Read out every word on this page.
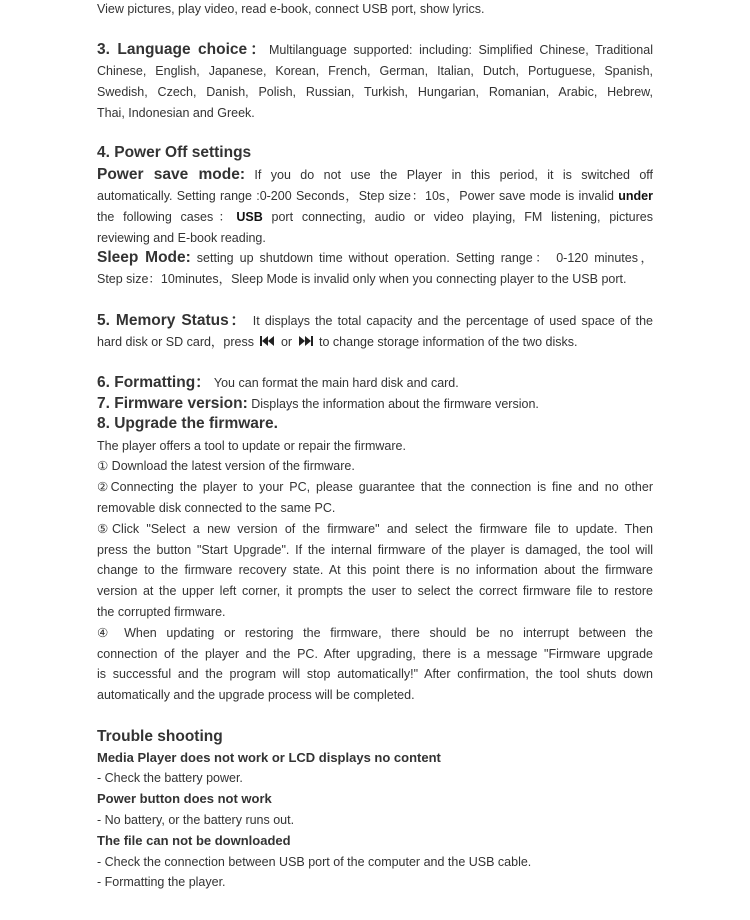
View pictures, play video, read e-book, connect USB port, show lyrics.
3. Language choice：Multilanguage supported: including: Simplified Chinese, Traditional
Chinese, English, Japanese, Korean, French, German, Italian, Dutch, Portuguese, Spanish,
Swedish, Czech, Danish, Polish, Russian, Turkish, Hungarian, Romanian, Arabic, Hebrew,
Thai, Indonesian and Greek.
4. Power Off settings
Power save mode: If you do not use the Player in this period, it is switched off
automatically. Setting range :0-200 Seconds，Step size：10s，Power save mode is invalid under
the following cases：USB port connecting, audio or video playing, FM listening, pictures
reviewing and E-book reading.
Sleep Mode: setting up shutdown time without operation. Setting range： 0-120 minutes，
Step size：10minutes，Sleep Mode is invalid only when you connecting player to the USB port.
5. Memory Status： It displays the total capacity and the percentage of used space of the
hard disk or SD card，press  or  to change storage information of the two disks.
6. Formatting： You can format the main hard disk and card.
7. Firmware version: Displays the information about the firmware version.
8. Upgrade the firmware.
The player offers a tool to update or repair the firmware.
① Download the latest version of the firmware.
②Connecting the player to your PC, please guarantee that the connection is fine and no other
removable disk connected to the same PC.
⑤Click "Select a new version of the firmware" and select the firmware file to update. Then
press the button "Start Upgrade". If the internal firmware of the player is damaged, the tool will
change to the firmware recovery state. At this point there is no information about the firmware
version at the upper left corner, it prompts the user to select the correct firmware file to restore
the corrupted firmware.
④ When updating or restoring the firmware, there should be no interrupt between the
connection of the player and the PC. After upgrading, there is a message "Firmware upgrade
is successful and the program will stop automatically!" After confirmation, the tool shuts down
automatically and the upgrade process will be completed.
Trouble shooting
Media Player does not work or LCD displays no content
- Check the battery power.
Power button does not work
- No battery, or the battery runs out.
The file can not be downloaded
- Check the connection between USB port of the computer and the USB cable.
- Formatting the player.
